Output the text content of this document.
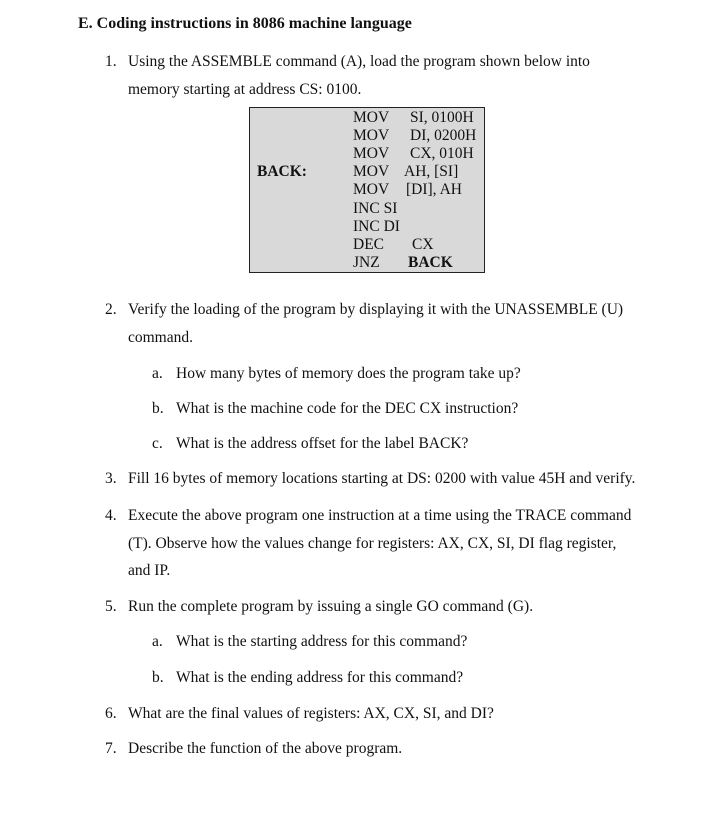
E. Coding instructions in 8086 machine language
1. Using the ASSEMBLE command (A), load the program shown below into
memory starting at address CS: 0100.
MOV SI, 0100H
MOV DI, 0200H
MOV CX, 010H
BACK:	MOV AH, [SI]
MOV [DI], AH
INC SI
INC DI
DEC CX
JNZ BACK
2. Verify the loading of the program by displaying it with the UNASSEMBLE (U)
command.
a. How many bytes of memory does the program take up?
b. What is the machine code for the DEC CX instruction?
c. What is the address offset for the label BACK?
3. Fill 16 bytes of memory locations starting at DS: 0200 with value 45H and verify.
4. Execute the above program one instruction at a time using the TRACE command
(T). Observe how the values change for registers: AX, CX, SI, DI flag register,
and IP.
5. Run the complete program by issuing a single GO command (G).
a. What is the starting address for this command?
b. What is the ending address for this command?
6. What are the final values of registers: AX, CX, SI, and DI?
7. Describe the function of the above program.
